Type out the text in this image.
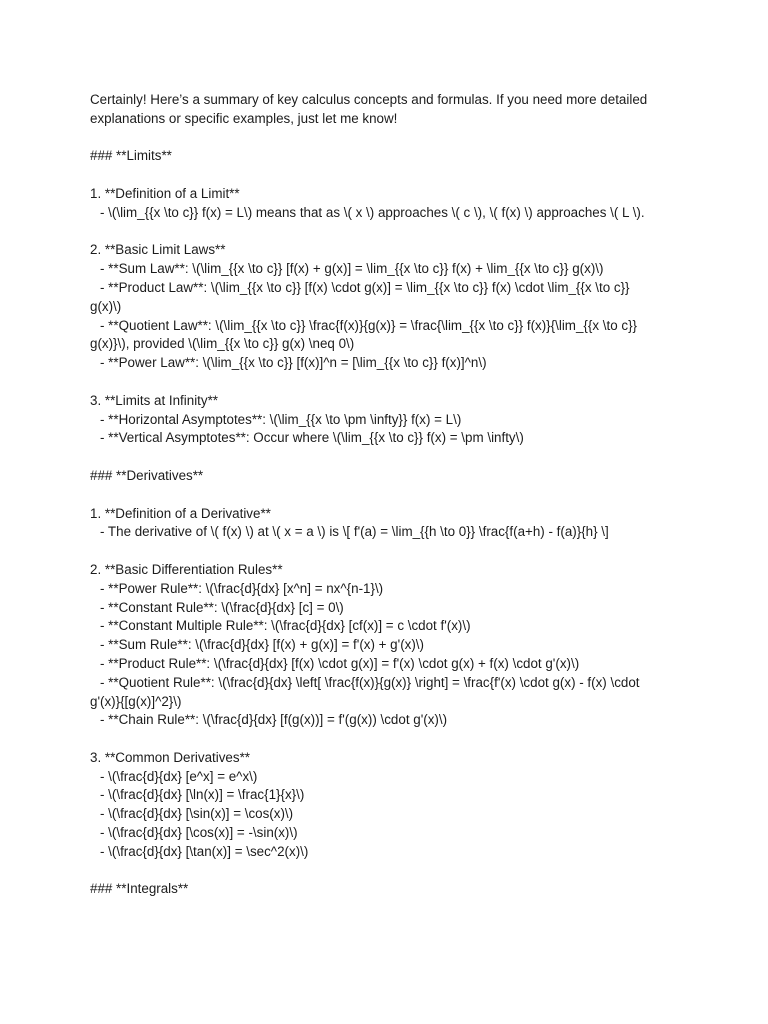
Certainly! Here’s a summary of key calculus concepts and formulas. If you need more detailed
explanations or specific examples, just let me know!
### **Limits**
1. **Definition of a Limit**
- \(\lim_{{x \to c}} f(x) = L\) means that as \( x \) approaches \( c \), \( f(x) \) approaches \( L \).
2. **Basic Limit Laws**
- **Sum Law**: \(\lim_{{x \to c}} [f(x) + g(x)] = \lim_{{x \to c}} f(x) + \lim_{{x \to c}} g(x)\)
- **Product Law**: \(\lim_{{x \to c}} [f(x) \cdot g(x)] = \lim_{{x \to c}} f(x) \cdot \lim_{{x \to c}}
g(x)\)
- **Quotient Law**: \(\lim_{{x \to c}} \frac{f(x)}{g(x)} = \frac{\lim_{{x \to c}} f(x)}{\lim_{{x \to c}}
g(x)}\), provided \(\lim_{{x \to c}} g(x) \neq 0\)
- **Power Law**: \(\lim_{{x \to c}} [f(x)]^n = [\lim_{{x \to c}} f(x)]^n\)
3. **Limits at Infinity**
- **Horizontal Asymptotes**: \(\lim_{{x \to \pm \infty}} f(x) = L\)
- **Vertical Asymptotes**: Occur where \(\lim_{{x \to c}} f(x) = \pm \infty\)
### **Derivatives**
1. **Definition of a Derivative**
- The derivative of \( f(x) \) at \( x = a \) is \[ f'(a) = \lim_{{h \to 0}} \frac{f(a+h) - f(a)}{h} \]
2. **Basic Differentiation Rules**
- **Power Rule**: \(\frac{d}{dx} [x^n] = nx^{n-1}\)
- **Constant Rule**: \(\frac{d}{dx} [c] = 0\)
- **Constant Multiple Rule**: \(\frac{d}{dx} [cf(x)] = c \cdot f'(x)\)
- **Sum Rule**: \(\frac{d}{dx} [f(x) + g(x)] = f'(x) + g'(x)\)
- **Product Rule**: \(\frac{d}{dx} [f(x) \cdot g(x)] = f'(x) \cdot g(x) + f(x) \cdot g'(x)\)
- **Quotient Rule**: \(\frac{d}{dx} \left[ \frac{f(x)}{g(x)} \right] = \frac{f'(x) \cdot g(x) - f(x) \cdot
g'(x)}{[g(x)]^2}\)
- **Chain Rule**: \(\frac{d}{dx} [f(g(x))] = f'(g(x)) \cdot g'(x)\)
3. **Common Derivatives**
- \(\frac{d}{dx} [e^x] = e^x\)
- \(\frac{d}{dx} [\ln(x)] = \frac{1}{x}\)
- \(\frac{d}{dx} [\sin(x)] = \cos(x)\)
- \(\frac{d}{dx} [\cos(x)] = -\sin(x)\)
- \(\frac{d}{dx} [\tan(x)] = \sec^2(x)\)
### **Integrals**
